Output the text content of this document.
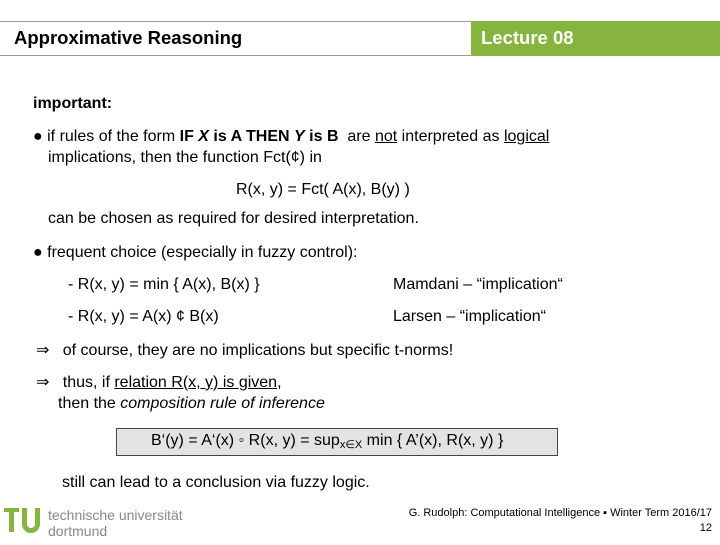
Approximative Reasoning	Lecture 08
important:
● if rules of the form IF X is A THEN Y is B are not interpreted as logical
implications, then the function Fct(¢) in
R(x, y) = Fct( A(x), B(y) )
can be chosen as required for desired interpretation.
● frequent choice (especially in fuzzy control):
- R(x, y) = min { A(x), B(x) }	Mamdani – “implication“
- R(x, y) = A(x) ¢ B(x)	Larsen – “implication“
⇒ of course, they are no implications but specific t-norms!
⇒ thus, if relation R(x, y) is given,
then the composition rule of inference
B‘(y) = A‘(x) ◦ R(x, y) = sup$_{x\in X}$ min { A’(x), R(x, y) }
still can lead to a conclusion via fuzzy logic.
technische universität
dortmund
G. Rudolph: Computational Intelligence ▪ Winter Term 2016/17
12
